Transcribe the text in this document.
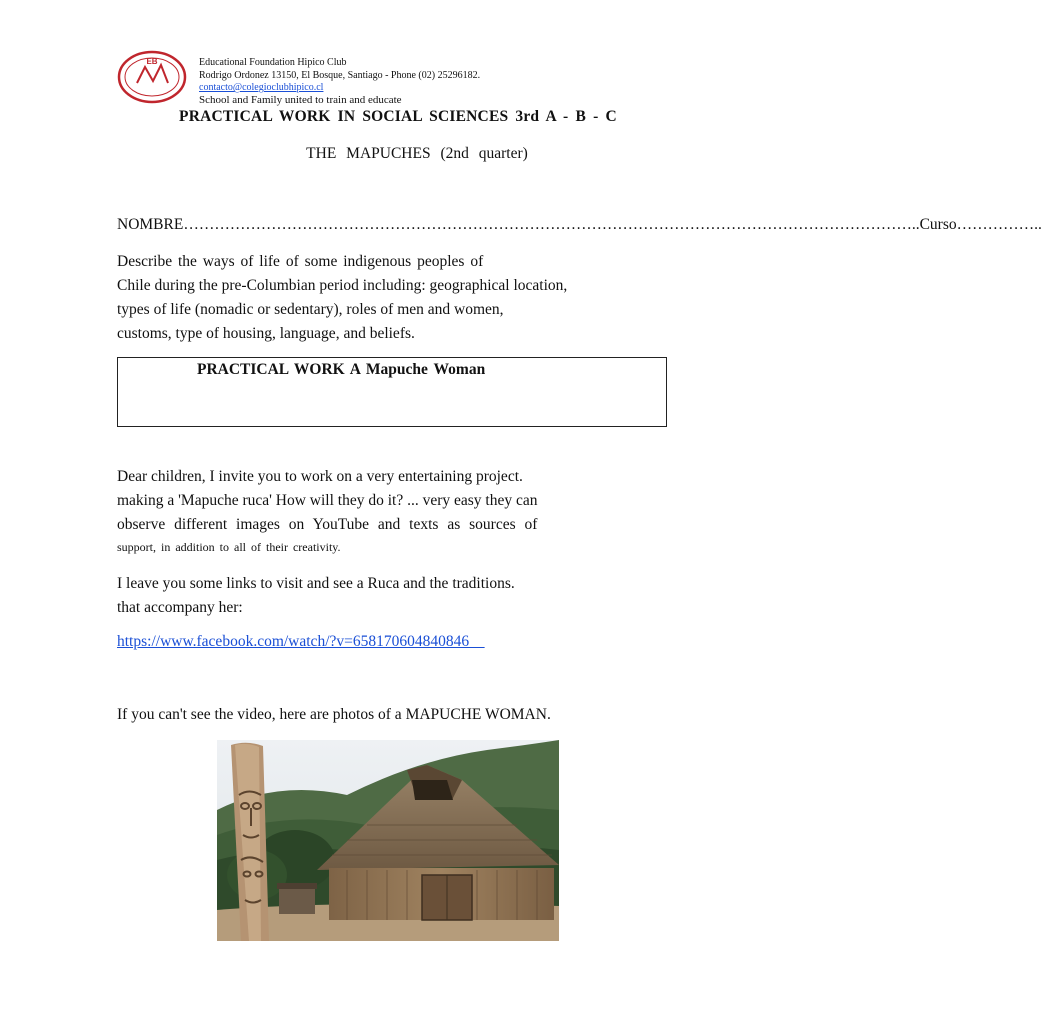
EB	Educational Foundation Hipico Club
Rodrigo Ordonez 13150, El Bosque, Santiago - Phone (02) 25296182.
contacto@colegioclubhipico.cl
School and Family united to train and educate
PRACTICAL WORK IN SOCIAL SCIENCES 3rd A - B - C
THE MAPUCHES (2nd quarter)
NOMBRE……………………………………………………………………………………………………………………………..Curso……………..
Describe the ways of life of some indigenous peoples of
Chile during the pre-Columbian period including: geographical location,
types of life (nomadic or sedentary), roles of men and women,
customs, type of housing, language, and beliefs.
PRACTICAL WORK A Mapuche Woman
Dear children, I invite you to work on a very entertaining project.
making a 'Mapuche ruca' How will they do it? ... very easy they can
observe different images on YouTube and texts as sources of
support, in addition to all of their creativity.
I leave you some links to visit and see a Ruca and the traditions.
that accompany her:
https://www.facebook.com/watch/?v=658170604840846
If you can't see the video, here are photos of a MAPUCHE WOMAN.
